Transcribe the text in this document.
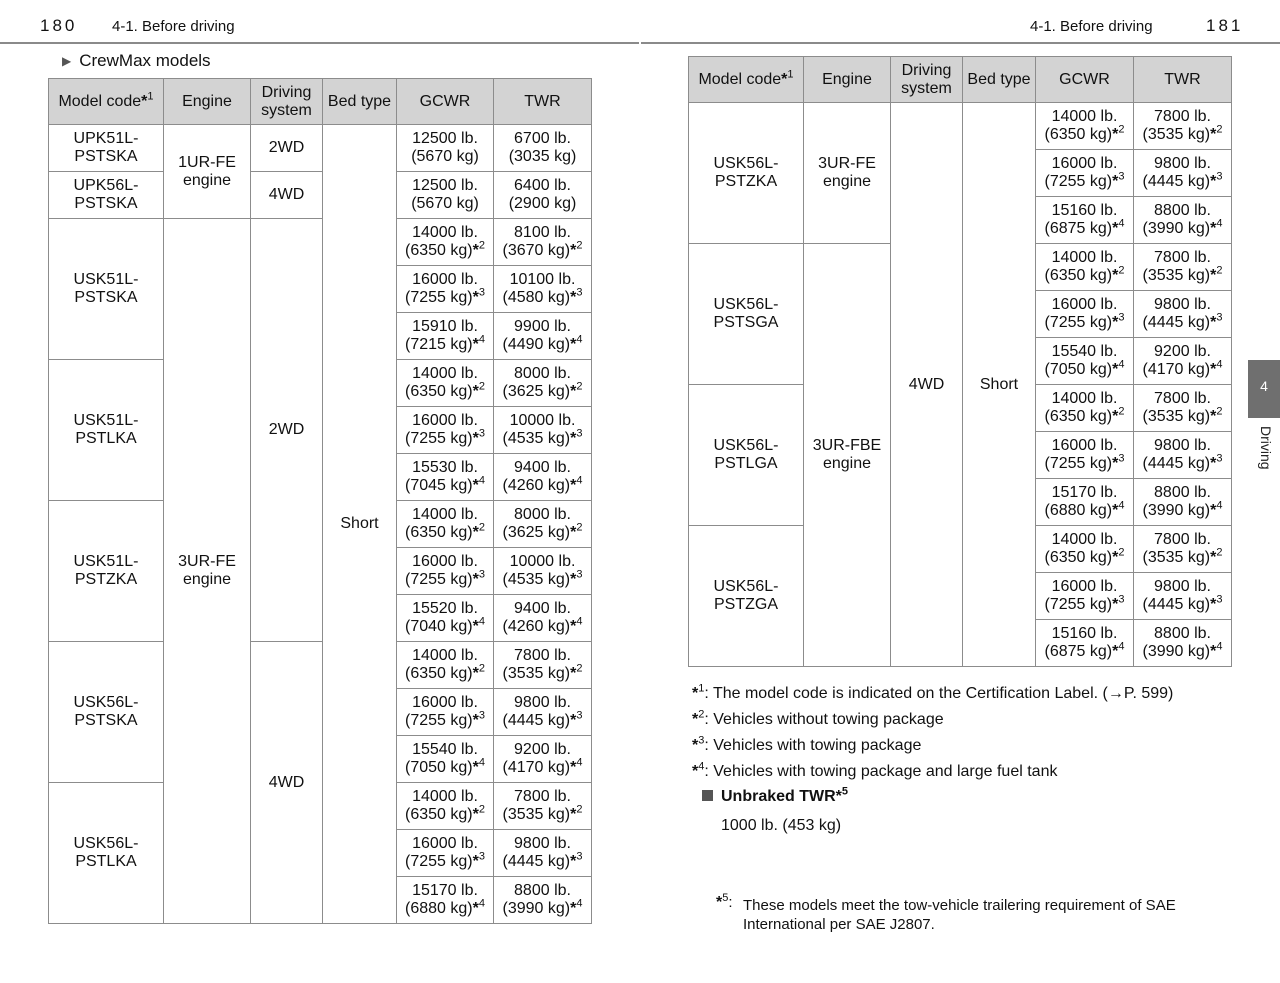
180 4-1. Before driving	4-1. Before driving	181
▶ CrewMax models
Model code*$^1$	Engine	Driving system	Bed type	GCWR	TWR
UPK51L-PSTSKA	1UR-FE engine	2WD	Short	12500 lb. (5670 kg)	6700 lb. (3035 kg)
UPK56L-PSTSKA		4WD		12500 lb. (5670 kg)	6400 lb. (2900 kg)
USK51L-PSTSKA	3UR-FE engine	2WD		14000 lb. (6350 kg)*$^2$	8100 lb. (3670 kg)*$^2$
				16000 lb. (7255 kg)*$^3$	10100 lb. (4580 kg)*$^3$
				15910 lb. (7215 kg)*$^4$	9900 lb. (4490 kg)*$^4$
USK51L-PSTLKA				14000 lb. (6350 kg)*$^2$	8000 lb. (3625 kg)*$^2$
				16000 lb. (7255 kg)*$^3$	10000 lb. (4535 kg)*$^3$
				15530 lb. (7045 kg)*$^4$	9400 lb. (4260 kg)*$^4$
USK51L-PSTZKA				14000 lb. (6350 kg)*$^2$	8000 lb. (3625 kg)*$^2$
				16000 lb. (7255 kg)*$^3$	10000 lb. (4535 kg)*$^3$
				15520 lb. (7040 kg)*$^4$	9400 lb. (4260 kg)*$^4$
USK56L-PSTSKA		4WD		14000 lb. (6350 kg)*$^2$	7800 lb. (3535 kg)*$^2$
				16000 lb. (7255 kg)*$^3$	9800 lb. (4445 kg)*$^3$
				15540 lb. (7050 kg)*$^4$	9200 lb. (4170 kg)*$^4$
USK56L-PSTLKA				14000 lb. (6350 kg)*$^2$	7800 lb. (3535 kg)*$^2$
				16000 lb. (7255 kg)*$^3$	9800 lb. (4445 kg)*$^3$
				15170 lb. (6880 kg)*$^4$	8800 lb. (3990 kg)*$^4$
Model code*$^1$	Engine	Driving system	Bed type	GCWR	TWR
USK56L-PSTZKA	3UR-FE engine	4WD	Short	14000 lb. (6350 kg)*$^2$	7800 lb. (3535 kg)*$^2$
				16000 lb. (7255 kg)*$^3$	9800 lb. (4445 kg)*$^3$
				15160 lb. (6875 kg)*$^4$	8800 lb. (3990 kg)*$^4$
USK56L-PSTSGA	3UR-FBE engine			14000 lb. (6350 kg)*$^2$	7800 lb. (3535 kg)*$^2$
				16000 lb. (7255 kg)*$^3$	9800 lb. (4445 kg)*$^3$
				15540 lb. (7050 kg)*$^4$	9200 lb. (4170 kg)*$^4$
USK56L-PSTLGA				14000 lb. (6350 kg)*$^2$	7800 lb. (3535 kg)*$^2$
				16000 lb. (7255 kg)*$^3$	9800 lb. (4445 kg)*$^3$
				15170 lb. (6880 kg)*$^4$	8800 lb. (3990 kg)*$^4$
USK56L-PSTZGA				14000 lb. (6350 kg)*$^2$	7800 lb. (3535 kg)*$^2$
				16000 lb. (7255 kg)*$^3$	9800 lb. (4445 kg)*$^3$
				15160 lb. (6875 kg)*$^4$	8800 lb. (3990 kg)*$^4$
4
Driving
*$^1$: The model code is indicated on the Certification Label. (→P. 599)
*$^2$: Vehicles without towing package
*$^3$: Vehicles with towing package
*$^4$: Vehicles with towing package and large fuel tank
Unbraked TWR*$^5$
1000 lb. (453 kg)
*$^5$: These models meet the tow-vehicle trailering requirement of SAE International per SAE J2807.
